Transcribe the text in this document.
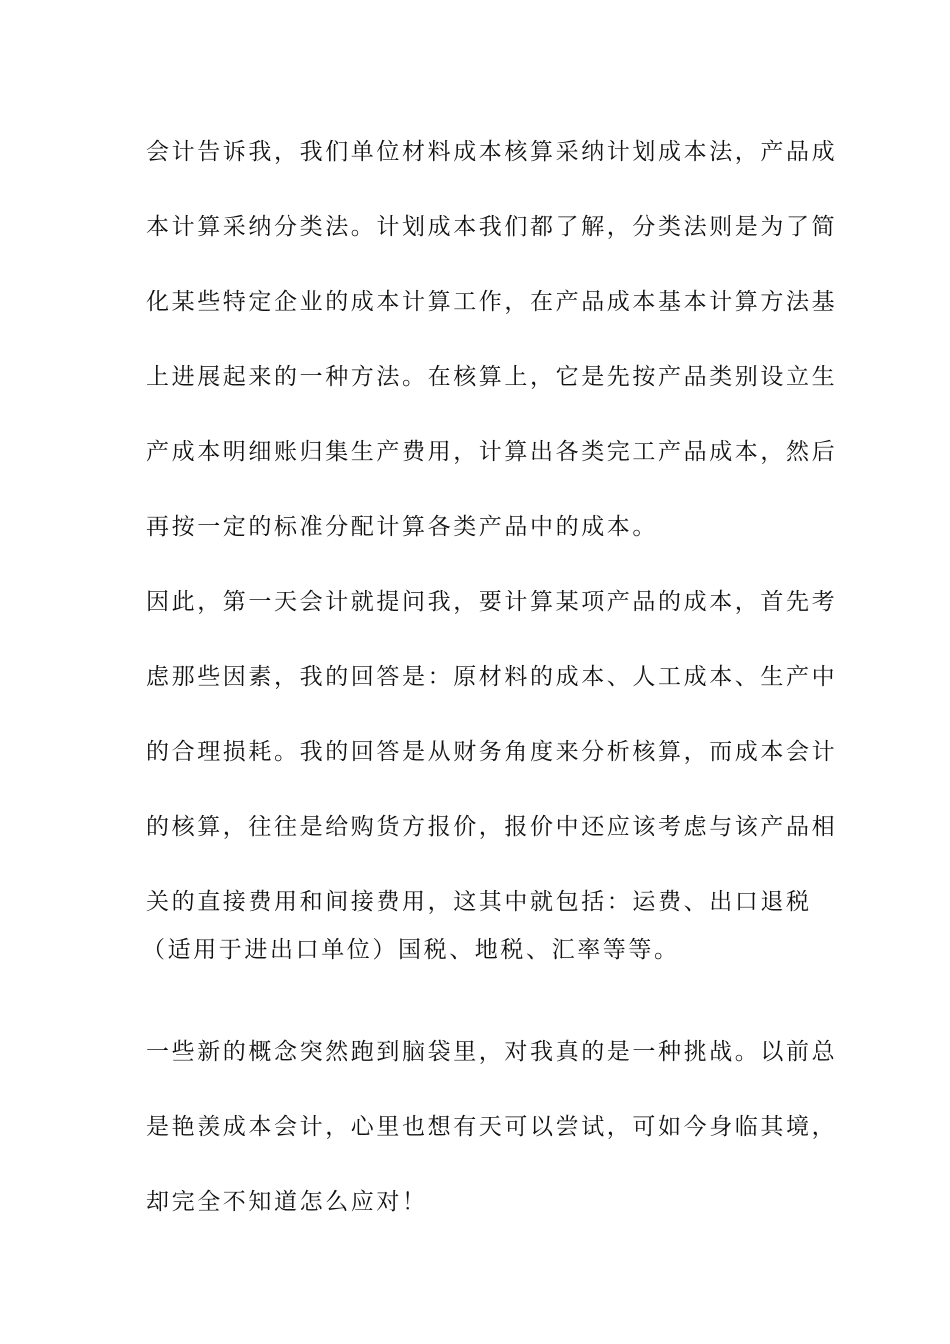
会计告诉我，我们单位材料成本核算采纳计划成本法，产品成
本计算采纳分类法。计划成本我们都了解，分类法则是为了简
化某些特定企业的成本计算工作，在产品成本基本计算方法基
上进展起来的一种方法。在核算上，它是先按产品类别设立生
产成本明细账归集生产费用，计算出各类完工产品成本，然后
再按一定的标准分配计算各类产品中的成本。
因此，第一天会计就提问我，要计算某项产品的成本，首先考
虑那些因素，我的回答是：原材料的成本、人工成本、生产中
的合理损耗。我的回答是从财务角度来分析核算，而成本会计
的核算，往往是给购货方报价，报价中还应该考虑与该产品相
关的直接费用和间接费用，这其中就包括：运费、出口退税
（适用于进出口单位）国税、地税、汇率等等。
一些新的概念突然跑到脑袋里，对我真的是一种挑战。以前总
是艳羡成本会计，心里也想有天可以尝试，可如今身临其境，
却完全不知道怎么应对！
